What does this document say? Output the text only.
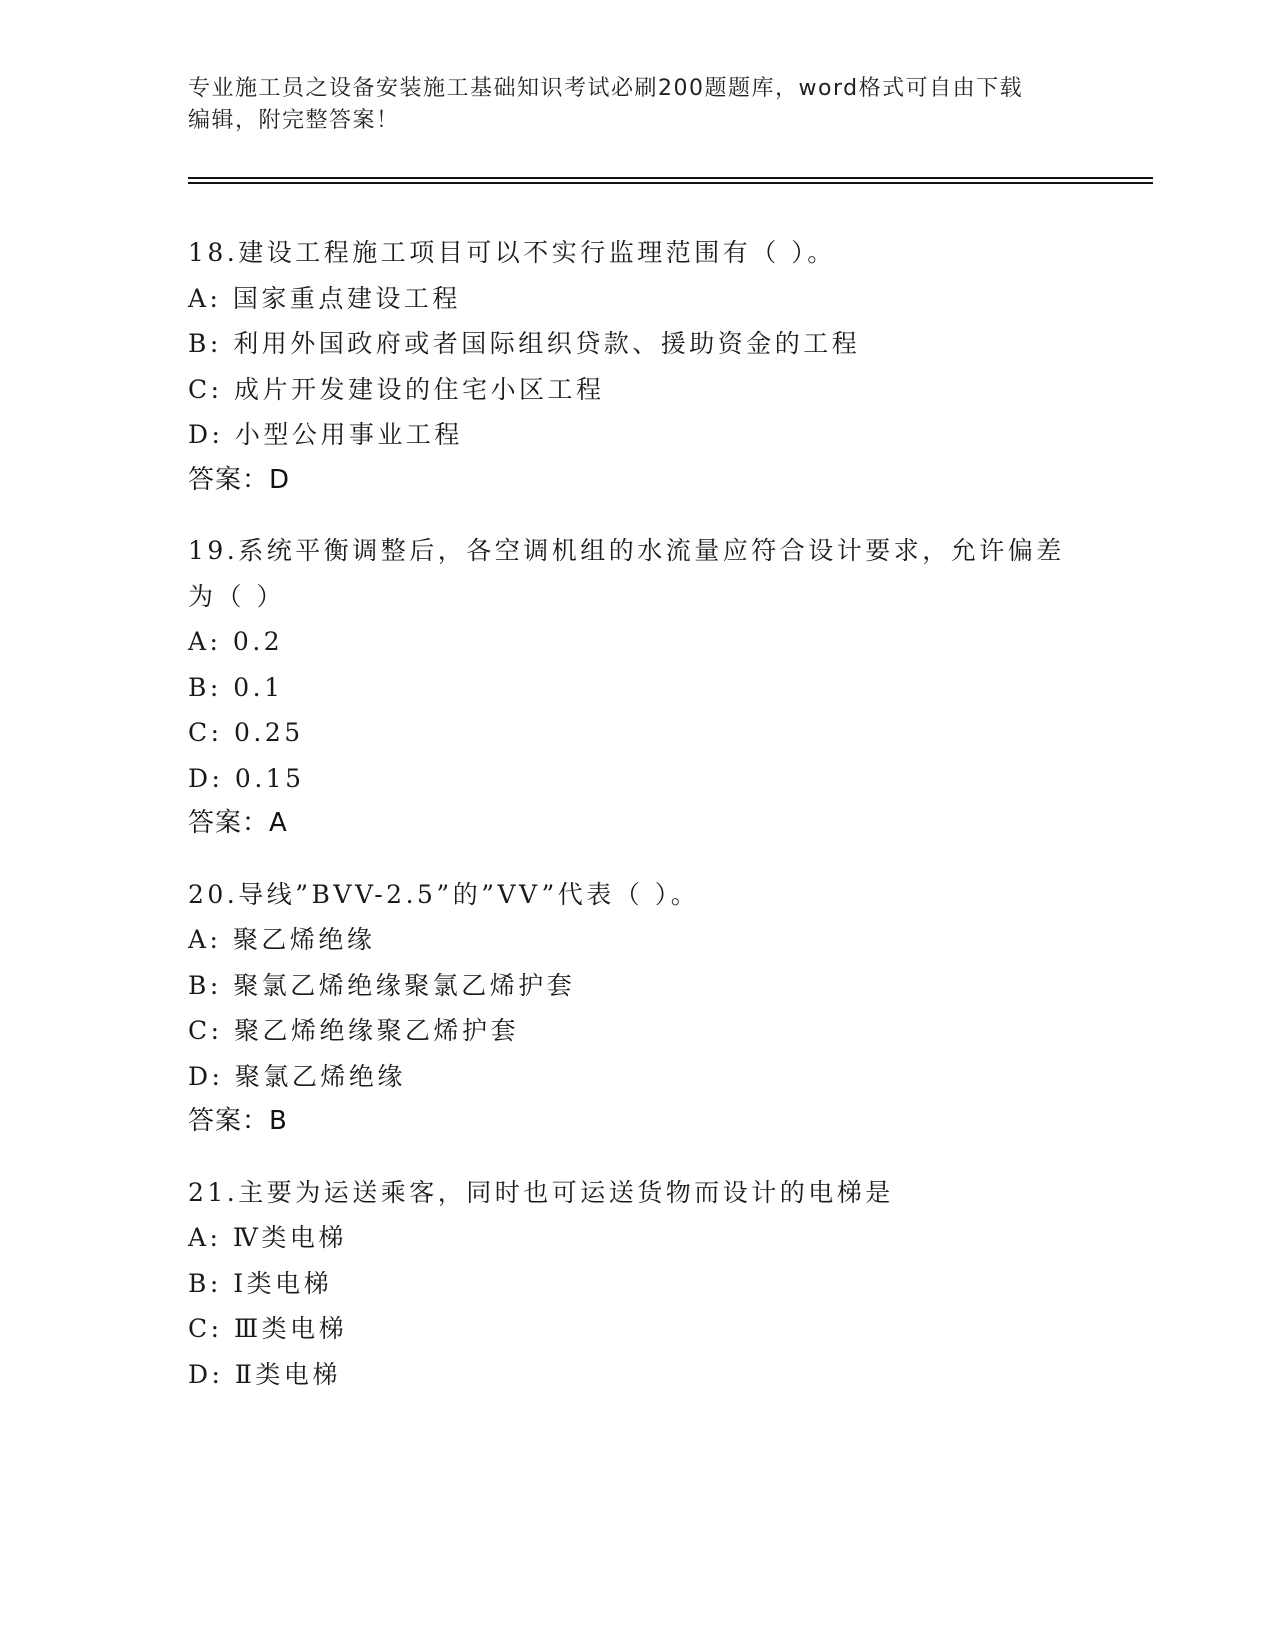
专业施工员之设备安装施工基础知识考试必刷200题题库，word格式可自由下载
编辑，附完整答案！
18.建设工程施工项目可以不实行监理范围有（ ）。
A: 国家重点建设工程
B: 利用外国政府或者国际组织贷款、援助资金的工程
C: 成片开发建设的住宅小区工程
D: 小型公用事业工程
答案：D
19.系统平衡调整后，各空调机组的水流量应符合设计要求，允许偏差
为（ ）
A: 0.2
B: 0.1
C: 0.25
D: 0.15
答案：A
20.导线”BVV-2.5”的”VV”代表（ ）。
A: 聚乙烯绝缘
B: 聚氯乙烯绝缘聚氯乙烯护套
C: 聚乙烯绝缘聚乙烯护套
D: 聚氯乙烯绝缘
答案：B
21.主要为运送乘客，同时也可运送货物而设计的电梯是
A: Ⅳ类电梯
B: Ⅰ类电梯
C: Ⅲ类电梯
D: Ⅱ类电梯
